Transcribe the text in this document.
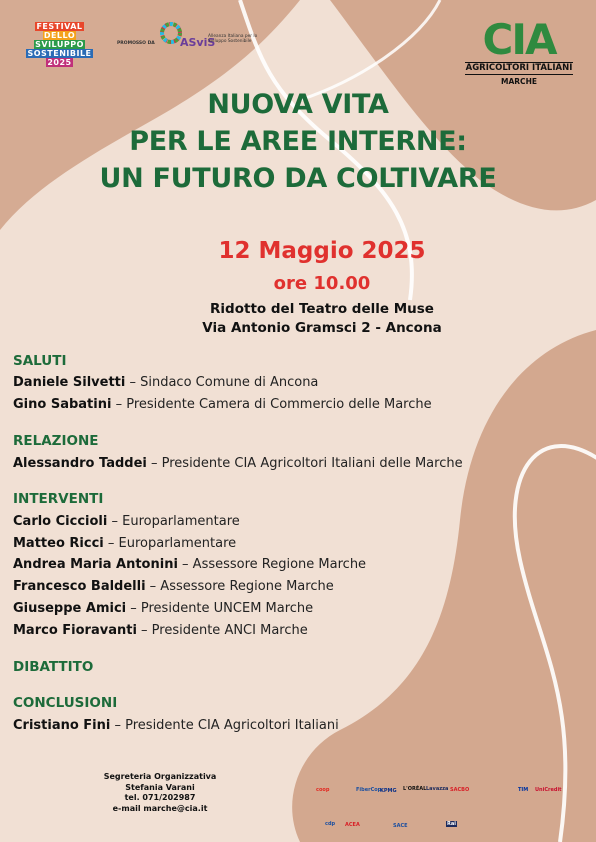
FESTIVAL
DELLO
SVILUPPO
SOSTENIBILE
2025
PROMOSSO DA ASviS
Alleanza Italiana per lo Sviluppo Sostenibile	CIA
AGRICOLTORI ITALIANI
MARCHE
NUOVA VITA
PER LE AREE INTERNE:
UN FUTURO DA COLTIVARE
12 Maggio 2025
ore 10.00
Ridotto del Teatro delle Muse
Via Antonio Gramsci 2 - Ancona
SALUTI
Daniele Silvetti – Sindaco Comune di Ancona
Gino Sabatini – Presidente Camera di Commercio delle Marche
RELAZIONE
Alessandro Taddei – Presidente CIA Agricoltori Italiani delle Marche
INTERVENTI
Carlo Ciccioli – Europarlamentare
Matteo Ricci – Europarlamentare
Andrea Maria Antonini – Assessore Regione Marche
Francesco Baldelli – Assessore Regione Marche
Giuseppe Amici – Presidente UNCEM Marche
Marco Fioravanti – Presidente ANCI Marche
DIBATTITO
CONCLUSIONI
Cristiano Fini – Presidente CIA Agricoltori Italiani
Segreteria Organizzativa
Stefania Varani
tel. 071/202987
e-mail marche@cia.it
coop	FiberCop
KPMG L'ORÉAL Lavazza SACBO	TIM UniCredit
cdp ACEA	SACE	Rai
